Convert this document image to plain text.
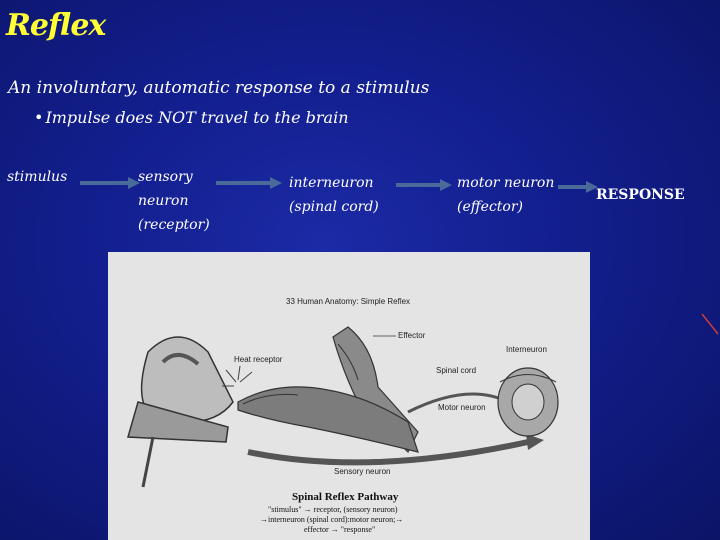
Reflex
An involuntary, automatic response to a stimulus
• Impulse does NOT travel to the brain
stimulus	sensory
neuron
(receptor)
interneuron
(spinal cord)
motor neuron
(effector)
RESPONSE
33 Human Anatomy: Simple Reflex
Effector
Interneuron
Heat receptor
Spinal cord
Motor neuron
Sensory neuron
Spinal Reflex Pathway
"stimulus" → receptor, (sensory neuron)
→interneuron (spinal cord):motor neuron;→
effector → "response"
